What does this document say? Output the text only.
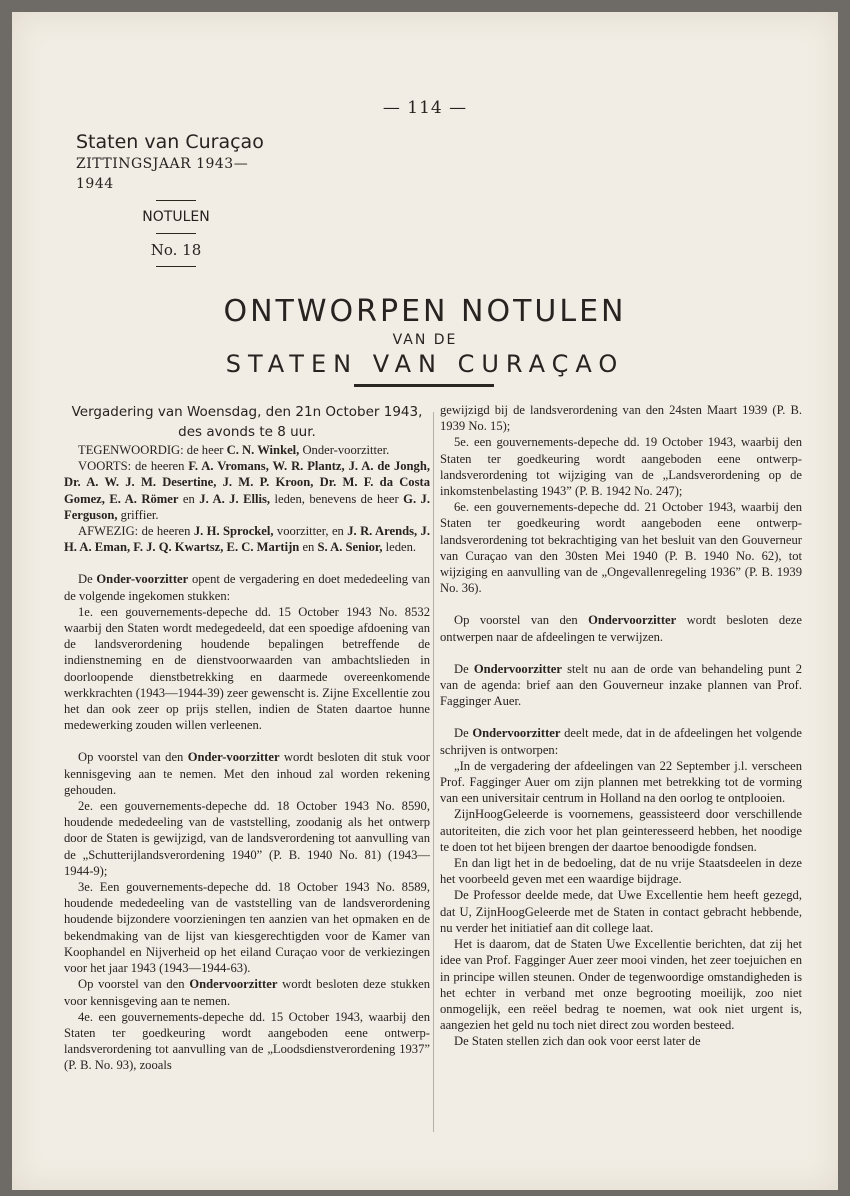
— 114 —
Staten van Curaçao
ZITTINGSJAAR 1943—1944
NOTULEN
No. 18
ONTWORPEN NOTULEN
VAN DE
STATEN VAN CURAÇAO

Vergadering van Woensdag, den 21n October 1943, des avonds te 8 uur.

TEGENWOORDIG: de heer C. N. Winkel, Onder-voorzitter.

VOORTS: de heeren F. A. Vromans, W. R. Plantz, J. A. de Jongh, Dr. A. W. J. M. Desertine, J. M. P. Kroon, Dr. M. F. da Costa Gomez, E. A. Römer en J. A. J. Ellis, leden, benevens de heer G. J. Ferguson, griffier.

AFWEZIG: de heeren J. H. Sprockel, voorzitter, en J. R. Arends, J. H. A. Eman, F. J. Q. Kwartsz, E. C. Martijn en S. A. Senior, leden.

De Onder-voorzitter opent de vergadering en doet mededeeling van de volgende ingekomen stukken:

1e. een gouvernements-depeche dd. 15 October 1943 No. 8532 waarbij den Staten wordt medegedeeld, dat een spoedige afdoening van de landsverordening houdende bepalingen betreffende de indienstneming en de dienstvoorwaarden van ambachtslieden in doorloopende dienstbetrekking en daarmede overeenkomende werkkrachten (1943—1944-39) zeer gewenscht is. Zijne Excellentie zou het dan ook zeer op prijs stellen, indien de Staten daartoe hunne medewerking zouden willen verleenen.

Op voorstel van den Onder-voorzitter wordt besloten dit stuk voor kennisgeving aan te nemen. Met den inhoud zal worden rekening gehouden.

2e. een gouvernements-depeche dd. 18 October 1943 No. 8590, houdende mededeeling van de vaststelling, zoodanig als het ontwerp door de Staten is gewijzigd, van de landsverordening tot aanvulling van de „Schutterijlandsverordening 1940” (P. B. 1940 No. 81) (1943—1944-9);

3e. Een gouvernements-depeche dd. 18 October 1943 No. 8589, houdende mededeeling van de vaststelling van de landsverordening houdende bijzondere voorzieningen ten aanzien van het opmaken en de bekendmaking van de lijst van kiesgerechtigden voor de Kamer van Koophandel en Nijverheid op het eiland Curaçao voor de verkiezingen voor het jaar 1943 (1943—1944-63).

Op voorstel van den Ondervoorzitter wordt besloten deze stukken voor kennisgeving aan te nemen.

4e. een gouvernements-depeche dd. 15 October 1943, waarbij den Staten ter goedkeuring wordt aangeboden eene ontwerp-landsverordening tot aanvulling van de „Loodsdienstverordening 1937” (P. B. No. 93), zooals

gewijzigd bij de landsverordening van den 24sten Maart 1939 (P. B. 1939 No. 15);

5e. een gouvernements-depeche dd. 19 October 1943, waarbij den Staten ter goedkeuring wordt aangeboden eene ontwerp-landsverordening tot wijziging van de „Landsverordening op de inkomstenbelasting 1943” (P. B. 1942 No. 247);

6e. een gouvernements-depeche dd. 21 October 1943, waarbij den Staten ter goedkeuring wordt aangeboden eene ontwerp-landsverordening tot bekrachtiging van het besluit van den Gouverneur van Curaçao van den 30sten Mei 1940 (P. B. 1940 No. 62), tot wijziging en aanvulling van de „Ongevallenregeling 1936” (P. B. 1939 No. 36).

Op voorstel van den Ondervoorzitter wordt besloten deze ontwerpen naar de afdeelingen te verwijzen.

De Ondervoorzitter stelt nu aan de orde van behandeling punt 2 van de agenda: brief aan den Gouverneur inzake plannen van Prof. Fagginger Auer.

De Ondervoorzitter deelt mede, dat in de afdeelingen het volgende schrijven is ontworpen:

„In de vergadering der afdeelingen van 22 September j.l. verscheen Prof. Fagginger Auer om zijn plannen met betrekking tot de vorming van een universitair centrum in Holland na den oorlog te ontplooien.

ZijnHoogGeleerde is voornemens, geassisteerd door verschillende autoriteiten, die zich voor het plan geinteresseerd hebben, het noodige te doen tot het bijeen brengen der daartoe benoodigde fondsen.

En dan ligt het in de bedoeling, dat de nu vrije Staatsdeelen in deze het voorbeeld geven met een waardige bijdrage.

De Professor deelde mede, dat Uwe Excellentie hem heeft gezegd, dat U, ZijnHoogGeleerde met de Staten in contact gebracht hebbende, nu verder het initiatief aan dit college laat.

Het is daarom, dat de Staten Uwe Excellentie berichten, dat zij het idee van Prof. Fagginger Auer zeer mooi vinden, het zeer toejuichen en in principe willen steunen. Onder de tegenwoordige omstandigheden is het echter in verband met onze begrooting moeilijk, zoo niet onmogelijk, een reëel bedrag te noemen, wat ook niet urgent is, aangezien het geld nu toch niet direct zou worden besteed.

De Staten stellen zich dan ook voor eerst later de
